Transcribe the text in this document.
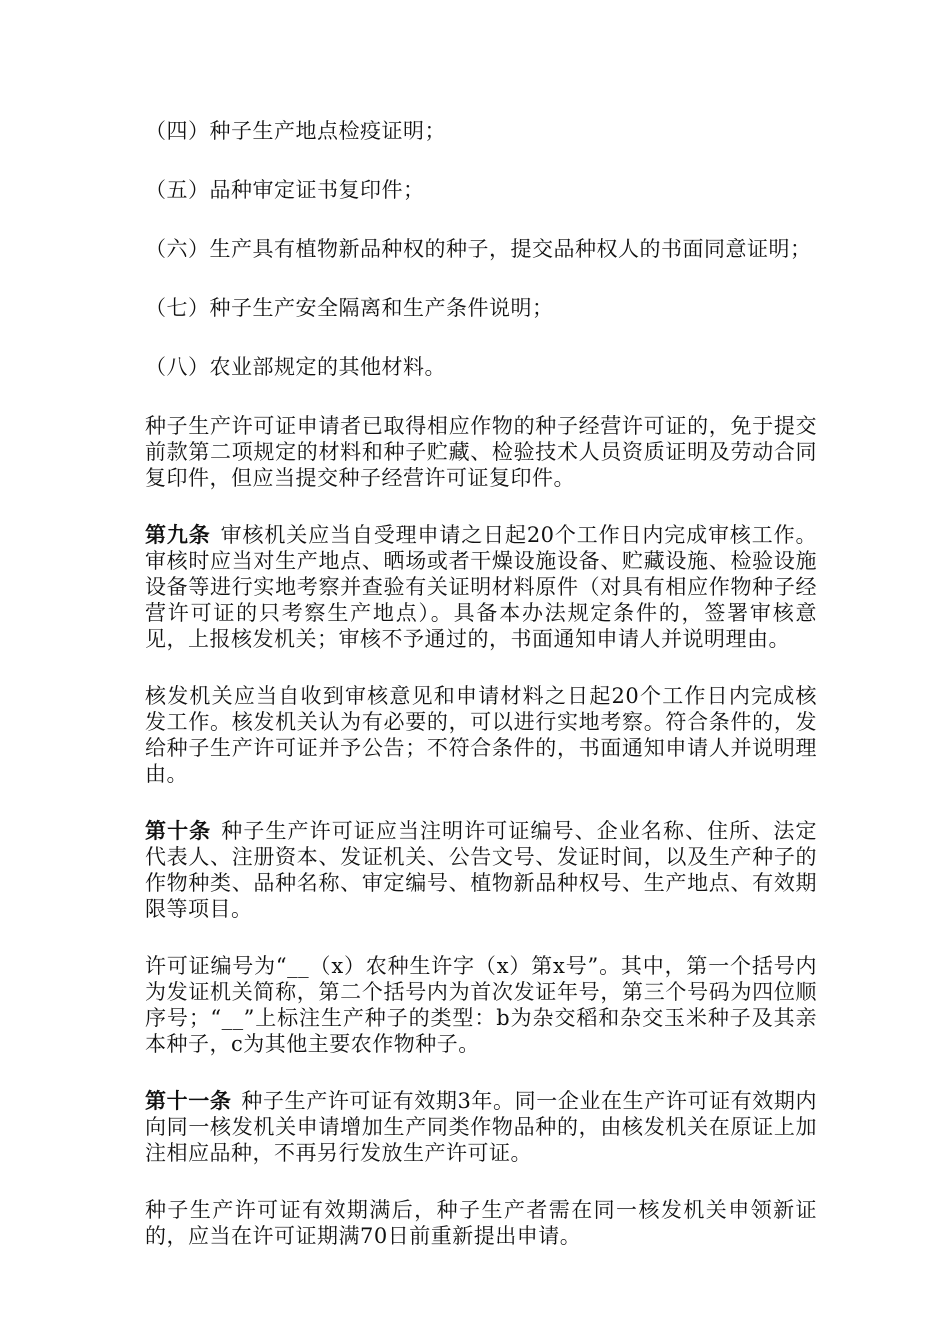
（四）种子生产地点检疫证明；

（五）品种审定证书复印件；

（六）生产具有植物新品种权的种子，提交品种权人的书面同意证明；

（七）种子生产安全隔离和生产条件说明；

（八）农业部规定的其他材料。

种子生产许可证申请者已取得相应作物的种子经营许可证的，免于提交前款第二项规定的材料和种子贮藏、检验技术人员资质证明及劳动合同复印件，但应当提交种子经营许可证复印件。

第九条 审核机关应当自受理申请之日起20个工作日内完成审核工作。审核时应当对生产地点、晒场或者干燥设施设备、贮藏设施、检验设施设备等进行实地考察并查验有关证明材料原件（对具有相应作物种子经营许可证的只考察生产地点）。具备本办法规定条件的，签署审核意见，上报核发机关；审核不予通过的，书面通知申请人并说明理由。

核发机关应当自收到审核意见和申请材料之日起20个工作日内完成核发工作。核发机关认为有必要的，可以进行实地考察。符合条件的，发给种子生产许可证并予公告；不符合条件的，书面通知申请人并说明理由。

第十条 种子生产许可证应当注明许可证编号、企业名称、住所、法定代表人、注册资本、发证机关、公告文号、发证时间，以及生产种子的作物种类、品种名称、审定编号、植物新品种权号、生产地点、有效期限等项目。

许可证编号为“__（x）农种生许字（x）第x号”。其中，第一个括号内为发证机关简称，第二个括号内为首次发证年号，第三个号码为四位顺序号；“__”上标注生产种子的类型：b为杂交稻和杂交玉米种子及其亲本种子，c为其他主要农作物种子。

第十一条 种子生产许可证有效期3年。同一企业在生产许可证有效期内向同一核发机关申请增加生产同类作物品种的，由核发机关在原证上加注相应品种，不再另行发放生产许可证。

种子生产许可证有效期满后，种子生产者需在同一核发机关申领新证的，应当在许可证期满70日前重新提出申请。
